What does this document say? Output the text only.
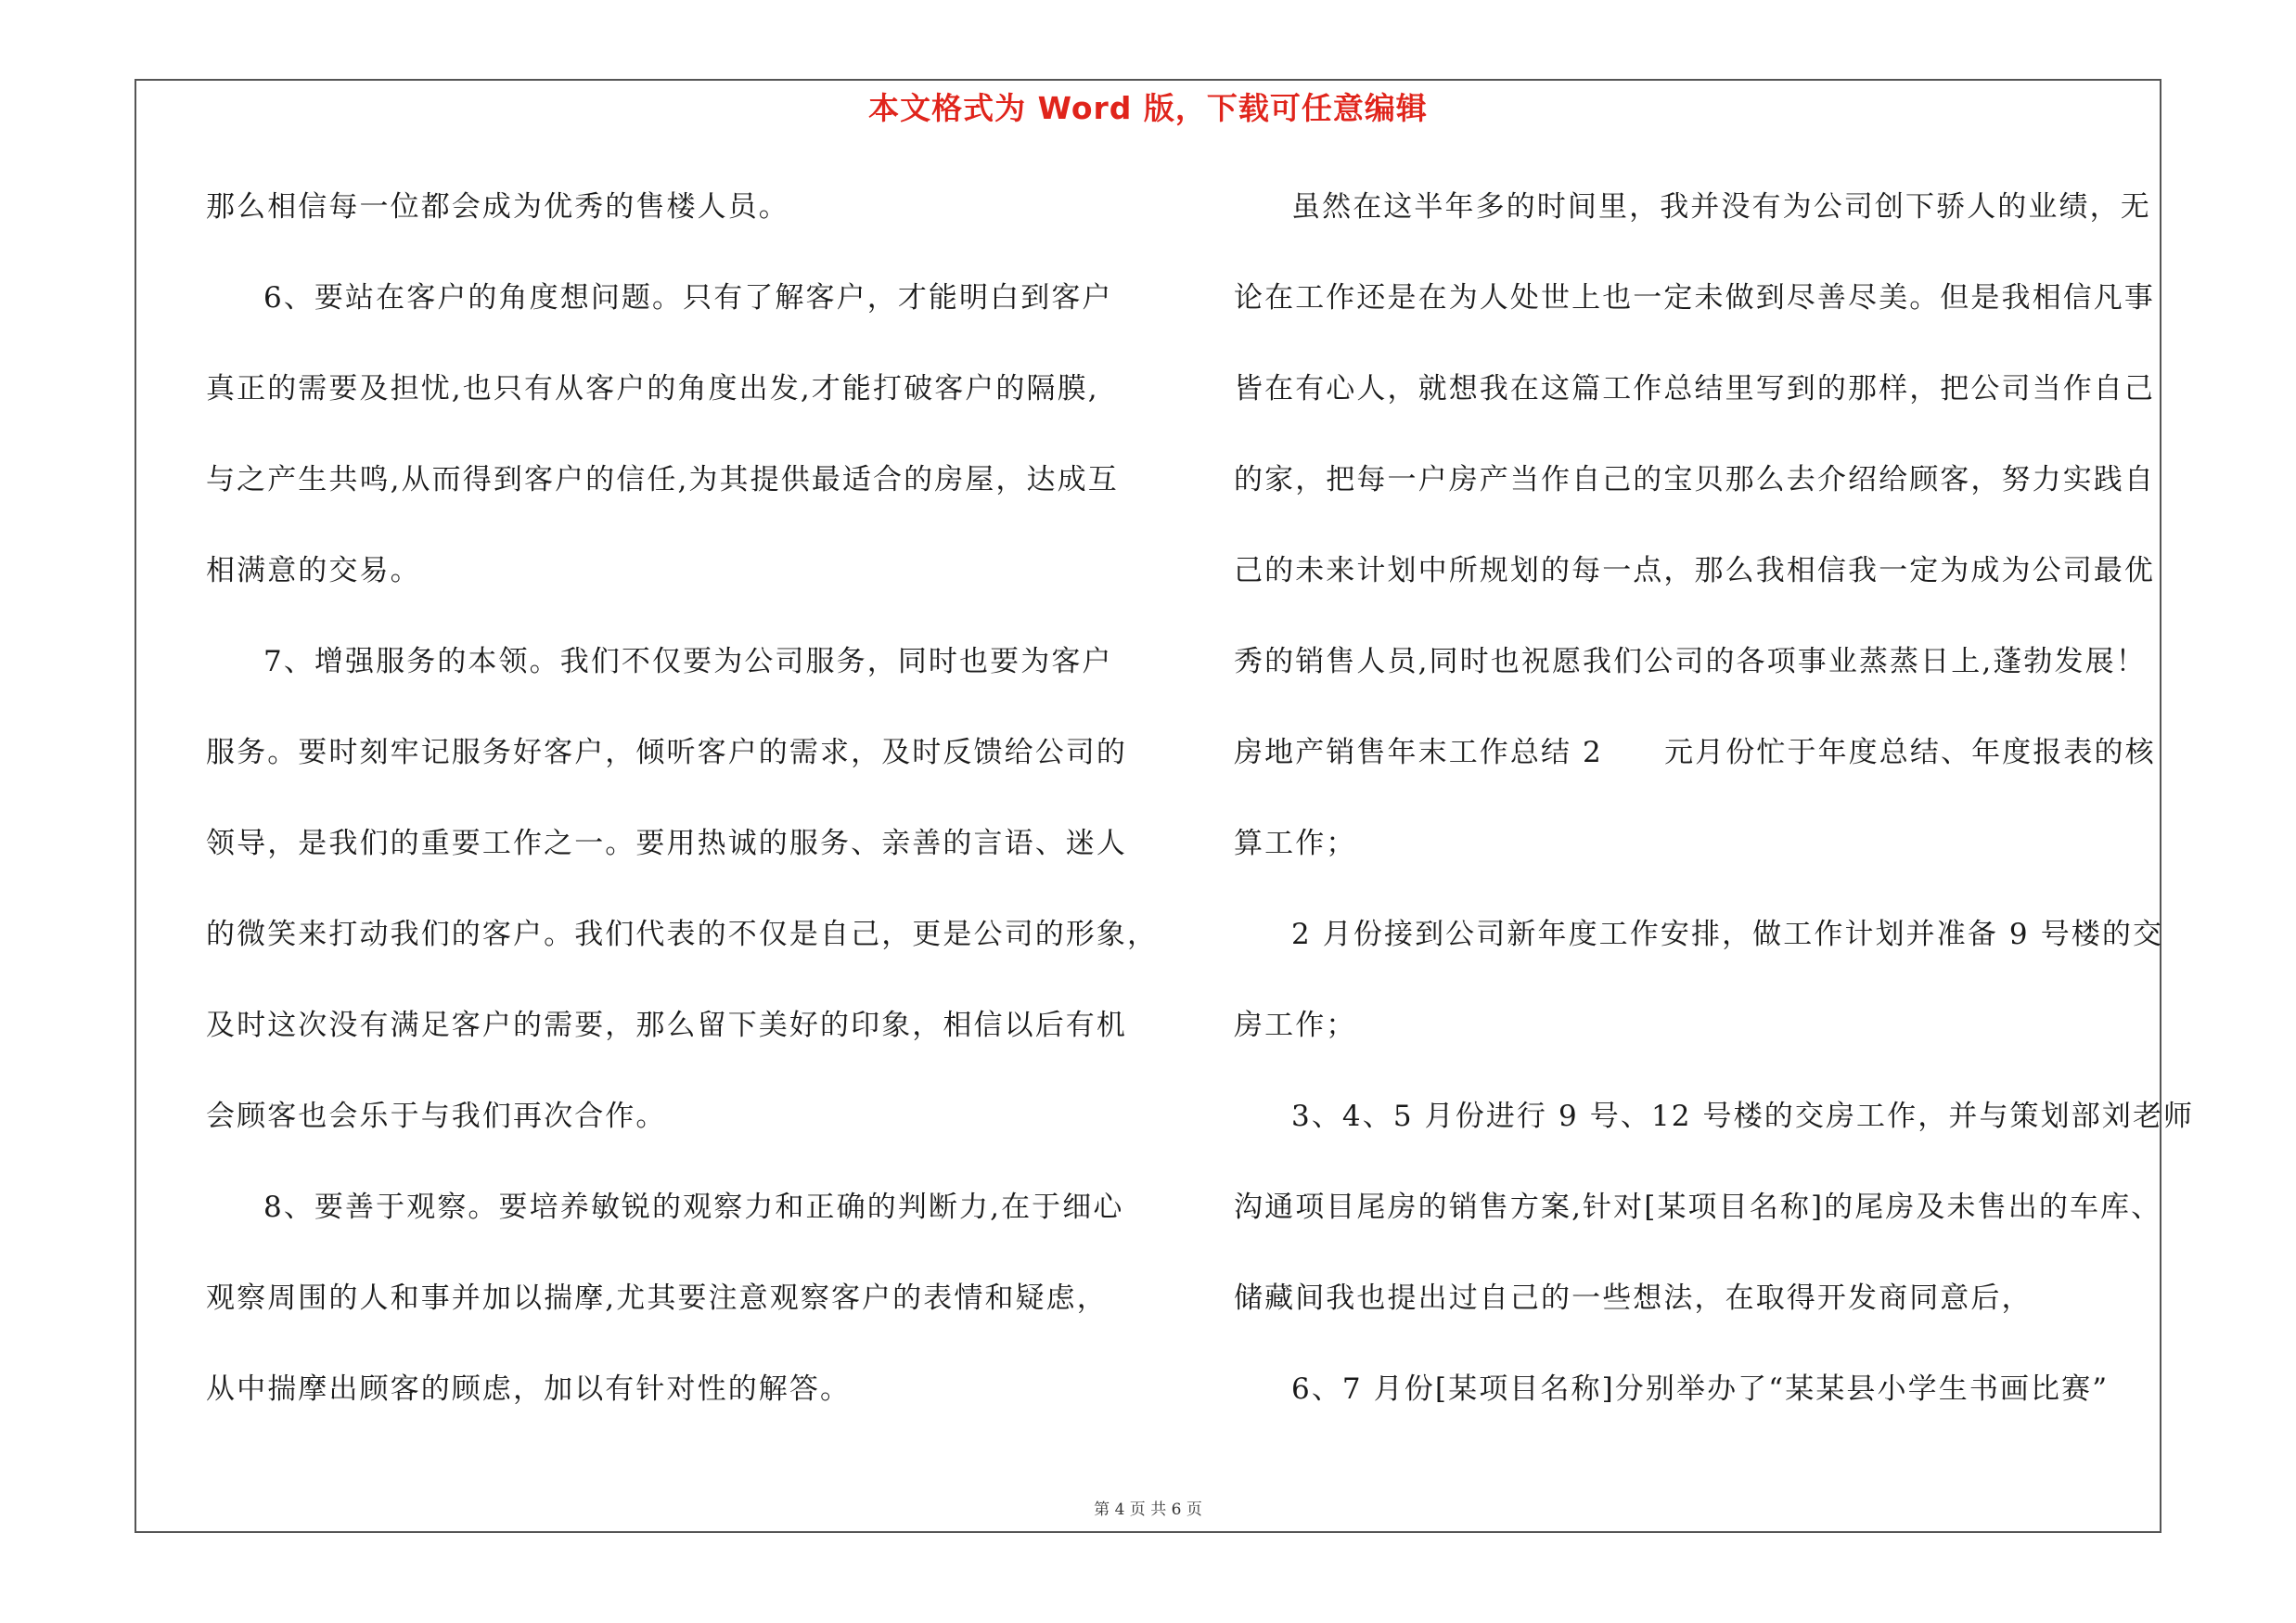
本文格式为 Word 版，下载可任意编辑
那么相信每一位都会成为优秀的售楼人员。
6、要站在客户的角度想问题。只有了解客户，才能明白到客户
真正的需要及担忧,也只有从客户的角度出发,才能打破客户的隔膜,
与之产生共鸣,从而得到客户的信任,为其提供最适合的房屋，达成互
相满意的交易。
7、增强服务的本领。我们不仅要为公司服务，同时也要为客户
服务。要时刻牢记服务好客户，倾听客户的需求，及时反馈给公司的
领导，是我们的重要工作之一。要用热诚的服务、亲善的言语、迷人
的微笑来打动我们的客户。我们代表的不仅是自己，更是公司的形象，
及时这次没有满足客户的需要，那么留下美好的印象，相信以后有机
会顾客也会乐于与我们再次合作。
8、要善于观察。要培养敏锐的观察力和正确的判断力,在于细心
观察周围的人和事并加以揣摩,尤其要注意观察客户的表情和疑虑，
从中揣摩出顾客的顾虑，加以有针对性的解答。
虽然在这半年多的时间里，我并没有为公司创下骄人的业绩，无
论在工作还是在为人处世上也一定未做到尽善尽美。但是我相信凡事
皆在有心人，就想我在这篇工作总结里写到的那样，把公司当作自己
的家，把每一户房产当作自己的宝贝那么去介绍给顾客，努力实践自
己的未来计划中所规划的每一点，那么我相信我一定为成为公司最优
秀的销售人员,同时也祝愿我们公司的各项事业蒸蒸日上,蓬勃发展！
房地产销售年末工作总结 2　　元月份忙于年度总结、年度报表的核
算工作；
2 月份接到公司新年度工作安排，做工作计划并准备 9 号楼的交
房工作；
3、4、5 月份进行 9 号、12 号楼的交房工作，并与策划部刘老师
沟通项目尾房的销售方案,针对[某项目名称]的尾房及未售出的车库、
储藏间我也提出过自己的一些想法，在取得开发商同意后，
6、7 月份[某项目名称]分别举办了“某某县小学生书画比赛”
第 4 页 共 6 页
